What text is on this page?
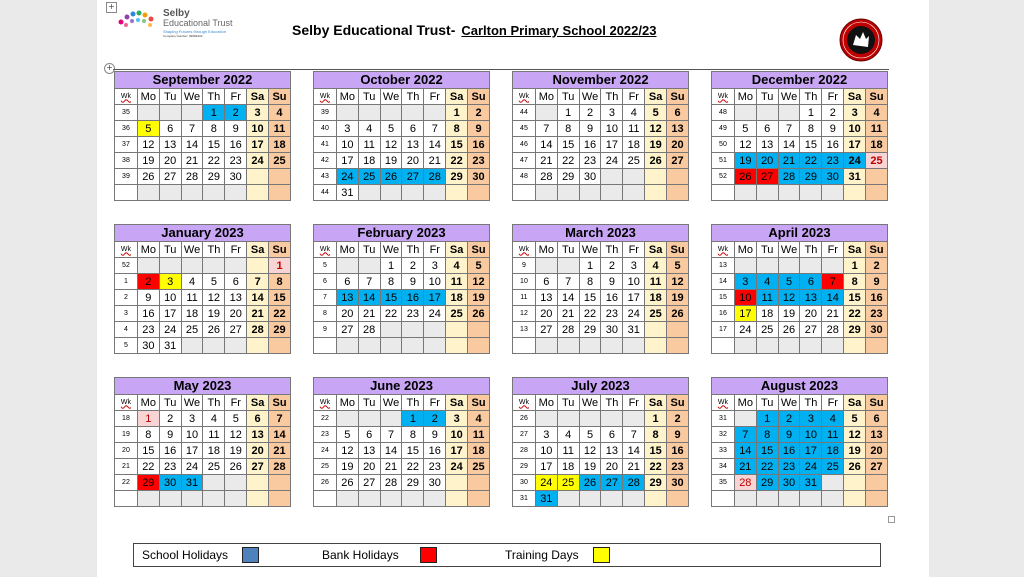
+
+
Selby
Educational Trust
Shaping Futures through Education
Company Number: 09999432	Selby Educational Trust- Carlton Primary School 2022/23
September 2022							
Wk	Mo	Tu	We	Th	Fr	Sa	Su
35				1	2	3	4
36	5	6	7	8	9	10	11
37	12	13	14	15	16	17	18
38	19	20	21	22	23	24	25
39	26	27	28	29	30		

October 2022							
Wk	Mo	Tu	We	Th	Fr	Sa	Su
39						1	2
40	3	4	5	6	7	8	9
41	10	11	12	13	14	15	16
42	17	18	19	20	21	22	23
43	24	25	26	27	28	29	30
44	31						
November 2022							
Wk	Mo	Tu	We	Th	Fr	Sa	Su
44		1	2	3	4	5	6
45	7	8	9	10	11	12	13
46	14	15	16	17	18	19	20
47	21	22	23	24	25	26	27
48	28	29	30				

December 2022							
Wk	Mo	Tu	We	Th	Fr	Sa	Su
48				1	2	3	4
49	5	6	7	8	9	10	11
50	12	13	14	15	16	17	18
51	19	20	21	22	23	24	25
52	26	27	28	29	30	31	

January 2023							
Wk	Mo	Tu	We	Th	Fr	Sa	Su
52							1
1	2	3	4	5	6	7	8
2	9	10	11	12	13	14	15
3	16	17	18	19	20	21	22
4	23	24	25	26	27	28	29
5	30	31					
February 2023							
Wk	Mo	Tu	We	Th	Fr	Sa	Su
5			1	2	3	4	5
6	6	7	8	9	10	11	12
7	13	14	15	16	17	18	19
8	20	21	22	23	24	25	26
9	27	28					

March 2023							
Wk	Mo	Tu	We	Th	Fr	Sa	Su
9			1	2	3	4	5
10	6	7	8	9	10	11	12
11	13	14	15	16	17	18	19
12	20	21	22	23	24	25	26
13	27	28	29	30	31		

April 2023							
Wk	Mo	Tu	We	Th	Fr	Sa	Su
13						1	2
14	3	4	5	6	7	8	9
15	10	11	12	13	14	15	16
16	17	18	19	20	21	22	23
17	24	25	26	27	28	29	30

May 2023							
Wk	Mo	Tu	We	Th	Fr	Sa	Su
18	1	2	3	4	5	6	7
19	8	9	10	11	12	13	14
20	15	16	17	18	19	20	21
21	22	23	24	25	26	27	28
22	29	30	31				

June 2023							
Wk	Mo	Tu	We	Th	Fr	Sa	Su
22				1	2	3	4
23	5	6	7	8	9	10	11
24	12	13	14	15	16	17	18
25	19	20	21	22	23	24	25
26	26	27	28	29	30		

July 2023							
Wk	Mo	Tu	We	Th	Fr	Sa	Su
26						1	2
27	3	4	5	6	7	8	9
28	10	11	12	13	14	15	16
29	17	18	19	20	21	22	23
30	24	25	26	27	28	29	30
31	31						
August 2023							
Wk	Mo	Tu	We	Th	Fr	Sa	Su
31		1	2	3	4	5	6
32	7	8	9	10	11	12	13
33	14	15	16	17	18	19	20
34	21	22	23	24	25	26	27
35	28	29	30	31			

School Holidays	Bank Holidays	Training Days
